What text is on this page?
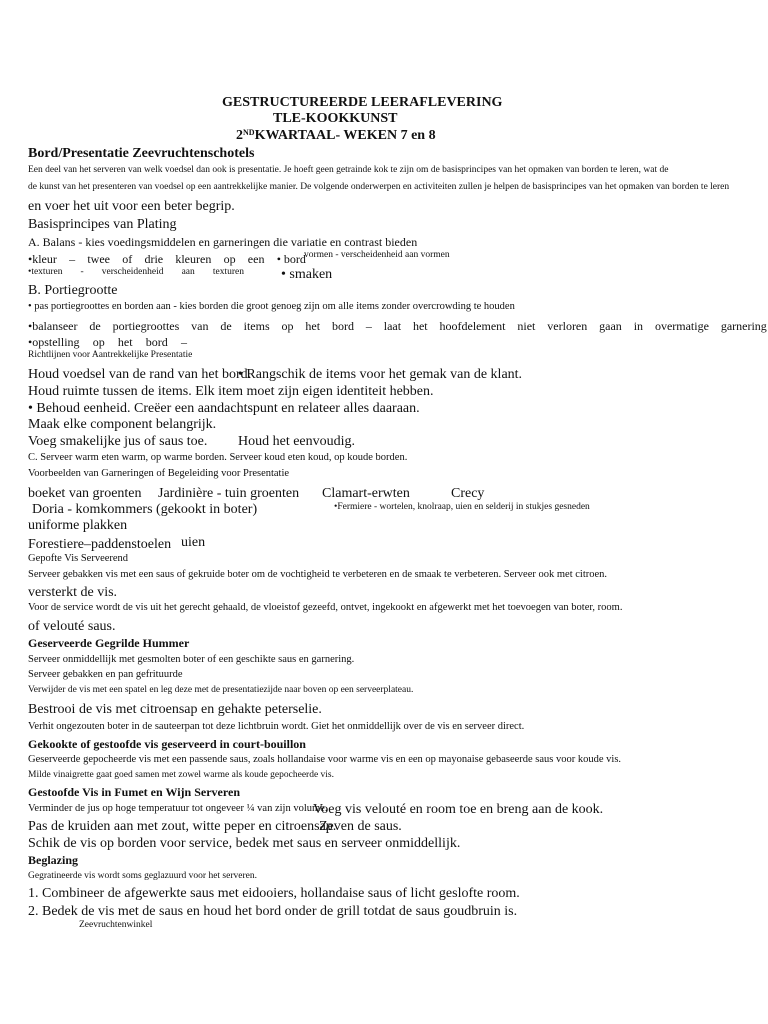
GESTRUCTUREERDE LEERAFLEVERING
TLE-KOOKKUNST
2NDKWARTAAL- WEKEN 7 en 8
Bord/Presentatie Zeevruchtenschotels
Een deel van het serveren van welk voedsel dan ook is presentatie. Je hoeft geen getrainde kok te zijn om de basisprincipes van het opmaken van borden te leren, wat de
de kunst van het presenteren van voedsel op een aantrekkelijke manier. De volgende onderwerpen en activiteiten zullen je helpen de basisprincipes van het opmaken van borden te leren
en voer het uit voor een beter begrip.
Basisprincipes van Plating
A. Balans - kies voedingsmiddelen en garneringen die variatie en contrast bieden
•kleur – twee of drie kleuren op een • bord
vormen - verscheidenheid aan vormen
•texturen - verscheidenheid aan texturen	• smaken
B. Portiegrootte
• pas portiegroottes en borden aan - kies borden die groot genoeg zijn om alle items zonder overcrowding te houden
•balanseer de portiegroottes van de items op het bord – laat het hoofdelement niet verloren gaan in overmatige garnering
•opstelling op het bord –
Richtlijnen voor Aantrekkelijke Presentatie
Houd voedsel van de rand van het bord.
• Rangschik de items voor het gemak van de klant.
Houd ruimte tussen de items. Elk item moet zijn eigen identiteit hebben.
• Behoud eenheid. Creëer een aandachtspunt en relateer alles daaraan.
Maak elke component belangrijk.
Voeg smakelijke jus of saus toe. Houd het eenvoudig.
C. Serveer warm eten warm, op warme borden. Serveer koud eten koud, op koude borden.
Voorbeelden van Garneringen of Begeleiding voor Presentatie
boeket van groenten Jardinière - tuin groenten Clamart-erwten	Crecy
Doria - komkommers (gekookt in boter)	•Fermiere - wortelen, knolraap, uien en selderij in stukjes gesneden
uniforme plakken
Forestiere–paddenstoelen uien
Gepofte Vis Serveerend
Serveer gebakken vis met een saus of gekruide boter om de vochtigheid te verbeteren en de smaak te verbeteren. Serveer ook met citroen.
versterkt de vis.
Voor de service wordt de vis uit het gerecht gehaald, de vloeistof gezeefd, ontvet, ingekookt en afgewerkt met het toevoegen van boter, room.
of velouté saus.
Geserveerde Gegrilde Hummer
Serveer onmiddellijk met gesmolten boter of een geschikte saus en garnering.
Serveer gebakken en pan gefrituurde
Verwijder de vis met een spatel en leg deze met de presentatiezijde naar boven op een serveerplateau.
Bestrooi de vis met citroensap en gehakte peterselie.
Verhit ongezouten boter in de sauteerpan tot deze lichtbruin wordt. Giet het onmiddellijk over de vis en serveer direct.
Gekookte of gestoofde vis geserveerd in court-bouillon
Geserveerde gepocheerde vis met een passende saus, zoals hollandaise voor warme vis en een op mayonaise gebaseerde saus voor koude vis.
Milde vinaigrette gaat goed samen met zowel warme als koude gepocheerde vis.
Gestoofde Vis in Fumet en Wijn Serveren
Verminder de jus op hoge temperatuur tot ongeveer ¼ van zijn volume.
Voeg vis velouté en room toe en breng aan de kook.
Pas de kruiden aan met zout, witte peper en citroensap.
Zeven de saus.
Schik de vis op borden voor service, bedek met saus en serveer onmiddellijk.
Beglazing
Gegratineerde vis wordt soms geglazuurd voor het serveren.
1. Combineer de afgewerkte saus met eidooiers, hollandaise saus of licht geslofte room.
2. Bedek de vis met de saus en houd het bord onder de grill totdat de saus goudbruin is.
Zeevruchtenwinkel
